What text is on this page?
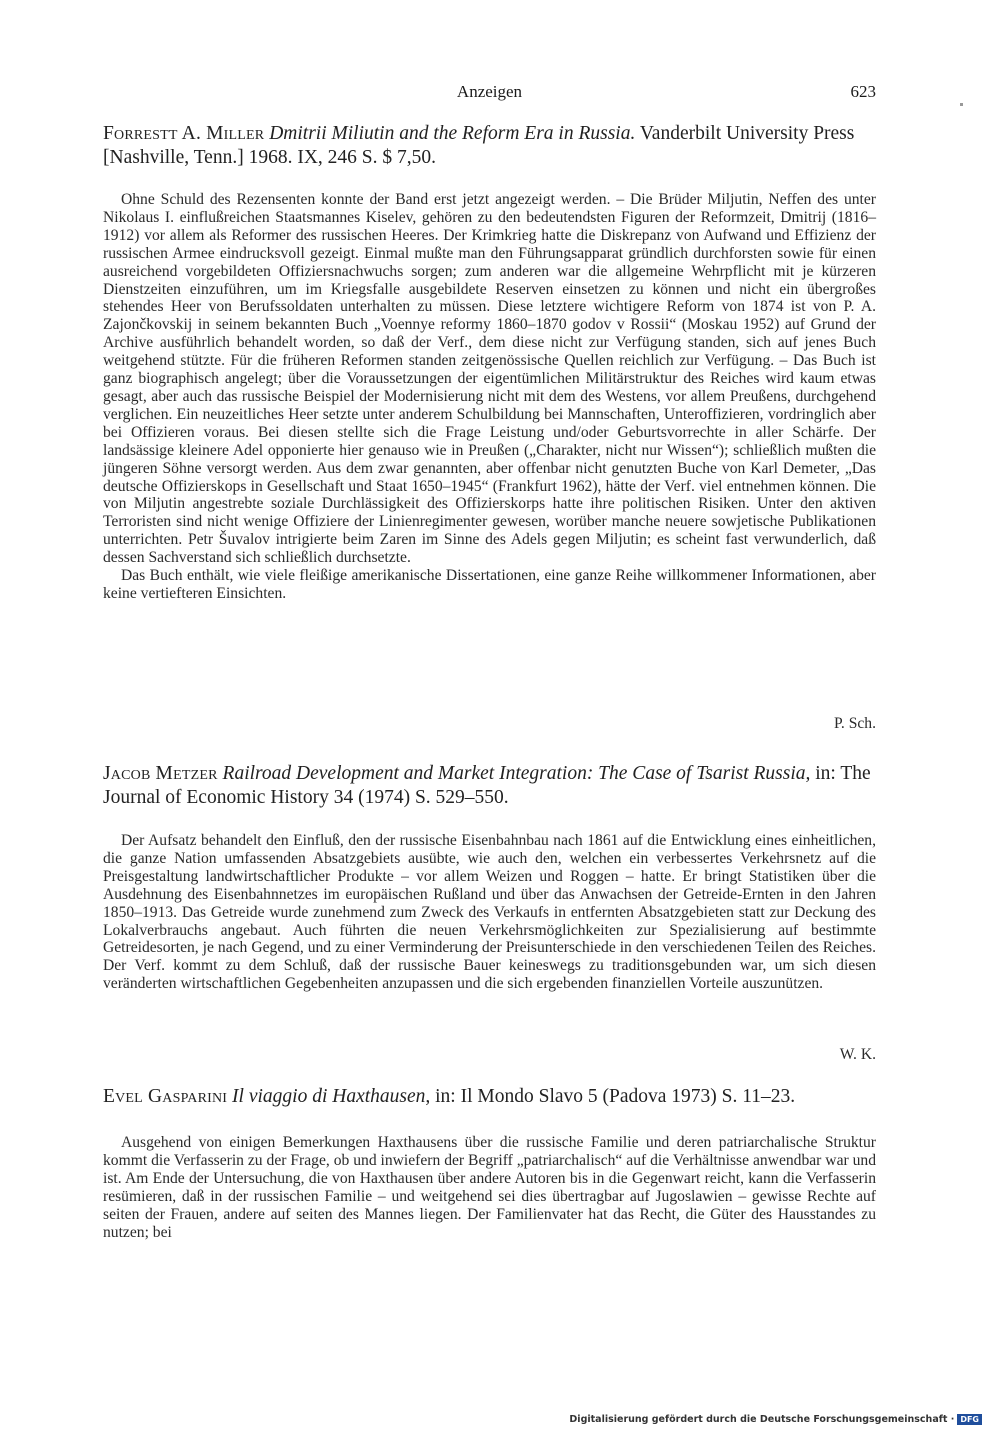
Anzeigen	623
Forrestt A. Miller Dmitrii Miliutin and the Reform Era in Russia. Vanderbilt University Press [Nashville, Tenn.] 1968. IX, 246 S. $ 7,50.

Ohne Schuld des Rezensenten konnte der Band erst jetzt angezeigt werden. – Die Brüder Miljutin, Neffen des unter Nikolaus I. einflußreichen Staatsmannes Kiselev, gehören zu den bedeutendsten Figuren der Reformzeit, Dmitrij (1816–1912) vor allem als Reformer des russischen Heeres. Der Krimkrieg hatte die Diskrepanz von Aufwand und Effizienz der russischen Armee eindrucksvoll gezeigt. Einmal mußte man den Führungsapparat gründlich durchforsten sowie für einen ausreichend vorgebildeten Offiziersnachwuchs sorgen; zum anderen war die allgemeine Wehrpflicht mit je kürzeren Dienstzeiten einzuführen, um im Kriegsfalle ausgebildete Reserven einsetzen zu können und nicht ein übergroßes stehendes Heer von Berufssoldaten unterhalten zu müssen. Diese letztere wichtigere Reform von 1874 ist von P. A. Zajončkovskij in seinem bekannten Buch „Voennye reformy 1860–1870 godov v Rossii“ (Moskau 1952) auf Grund der Archive ausführlich behandelt worden, so daß der Verf., dem diese nicht zur Verfügung standen, sich auf jenes Buch weitgehend stützte. Für die früheren Reformen standen zeitgenössische Quellen reichlich zur Verfügung. – Das Buch ist ganz biographisch angelegt; über die Voraussetzungen der eigentümlichen Militärstruktur des Reiches wird kaum etwas gesagt, aber auch das russische Beispiel der Modernisierung nicht mit dem des Westens, vor allem Preußens, durchgehend verglichen. Ein neuzeitliches Heer setzte unter anderem Schulbildung bei Mannschaften, Unteroffizieren, vordringlich aber bei Offizieren voraus. Bei diesen stellte sich die Frage Leistung und/oder Geburtsvorrechte in aller Schärfe. Der landsässige kleinere Adel opponierte hier genauso wie in Preußen („Charakter, nicht nur Wissen“); schließlich mußten die jüngeren Söhne versorgt werden. Aus dem zwar genannten, aber offenbar nicht genutzten Buche von Karl Demeter, „Das deutsche Offizierskops in Gesellschaft und Staat 1650–1945“ (Frankfurt 1962), hätte der Verf. viel entnehmen können. Die von Miljutin angestrebte soziale Durchlässigkeit des Offizierskorps hatte ihre politischen Risiken. Unter den aktiven Terroristen sind nicht wenige Offiziere der Linienregimenter gewesen, worüber manche neuere sowjetische Publikationen unterrichten. Petr Šuvalov intrigierte beim Zaren im Sinne des Adels gegen Miljutin; es scheint fast verwunderlich, daß dessen Sachverstand sich schließlich durchsetzte.

Das Buch enthält, wie viele fleißige amerikanische Dissertationen, eine ganze Reihe willkommener Informationen, aber keine vertiefteren Einsichten.

P. Sch.
Jacob Metzer Railroad Development and Market Integration: The Case of Tsarist Russia, in: The Journal of Economic History 34 (1974) S. 529–550.

Der Aufsatz behandelt den Einfluß, den der russische Eisenbahnbau nach 1861 auf die Entwicklung eines einheitlichen, die ganze Nation umfassenden Absatzgebiets ausübte, wie auch den, welchen ein verbessertes Verkehrsnetz auf die Preisgestaltung landwirtschaftlicher Produkte – vor allem Weizen und Roggen – hatte. Er bringt Statistiken über die Ausdehnung des Eisenbahnnetzes im europäischen Rußland und über das Anwachsen der Getreide-Ernten in den Jahren 1850–1913. Das Getreide wurde zunehmend zum Zweck des Verkaufs in entfernten Absatzgebieten statt zur Deckung des Lokalverbrauchs angebaut. Auch führten die neuen Verkehrsmöglichkeiten zur Spezialisierung auf bestimmte Getreidesorten, je nach Gegend, und zu einer Verminderung der Preisunterschiede in den verschiedenen Teilen des Reiches. Der Verf. kommt zu dem Schluß, daß der russische Bauer keineswegs zu traditionsgebunden war, um sich diesen veränderten wirtschaftlichen Gegebenheiten anzupassen und die sich ergebenden finanziellen Vorteile auszunützen.

W. K.
Evel Gasparini Il viaggio di Haxthausen, in: Il Mondo Slavo 5 (Padova 1973) S. 11–23.

Ausgehend von einigen Bemerkungen Haxthausens über die russische Familie und deren patriarchalische Struktur kommt die Verfasserin zu der Frage, ob und inwiefern der Begriff „patriarchalisch“ auf die Verhältnisse anwendbar war und ist. Am Ende der Untersuchung, die von Haxthausen über andere Autoren bis in die Gegenwart reicht, kann die Verfasserin resümieren, daß in der russischen Familie – und weitgehend sei dies übertragbar auf Jugoslawien – gewisse Rechte auf seiten der Frauen, andere auf seiten des Mannes liegen. Der Familienvater hat das Recht, die Güter des Hausstandes zu nutzen; bei

Digitalisierung gefördert durch die Deutsche Forschungsgemeinschaft · DFG
